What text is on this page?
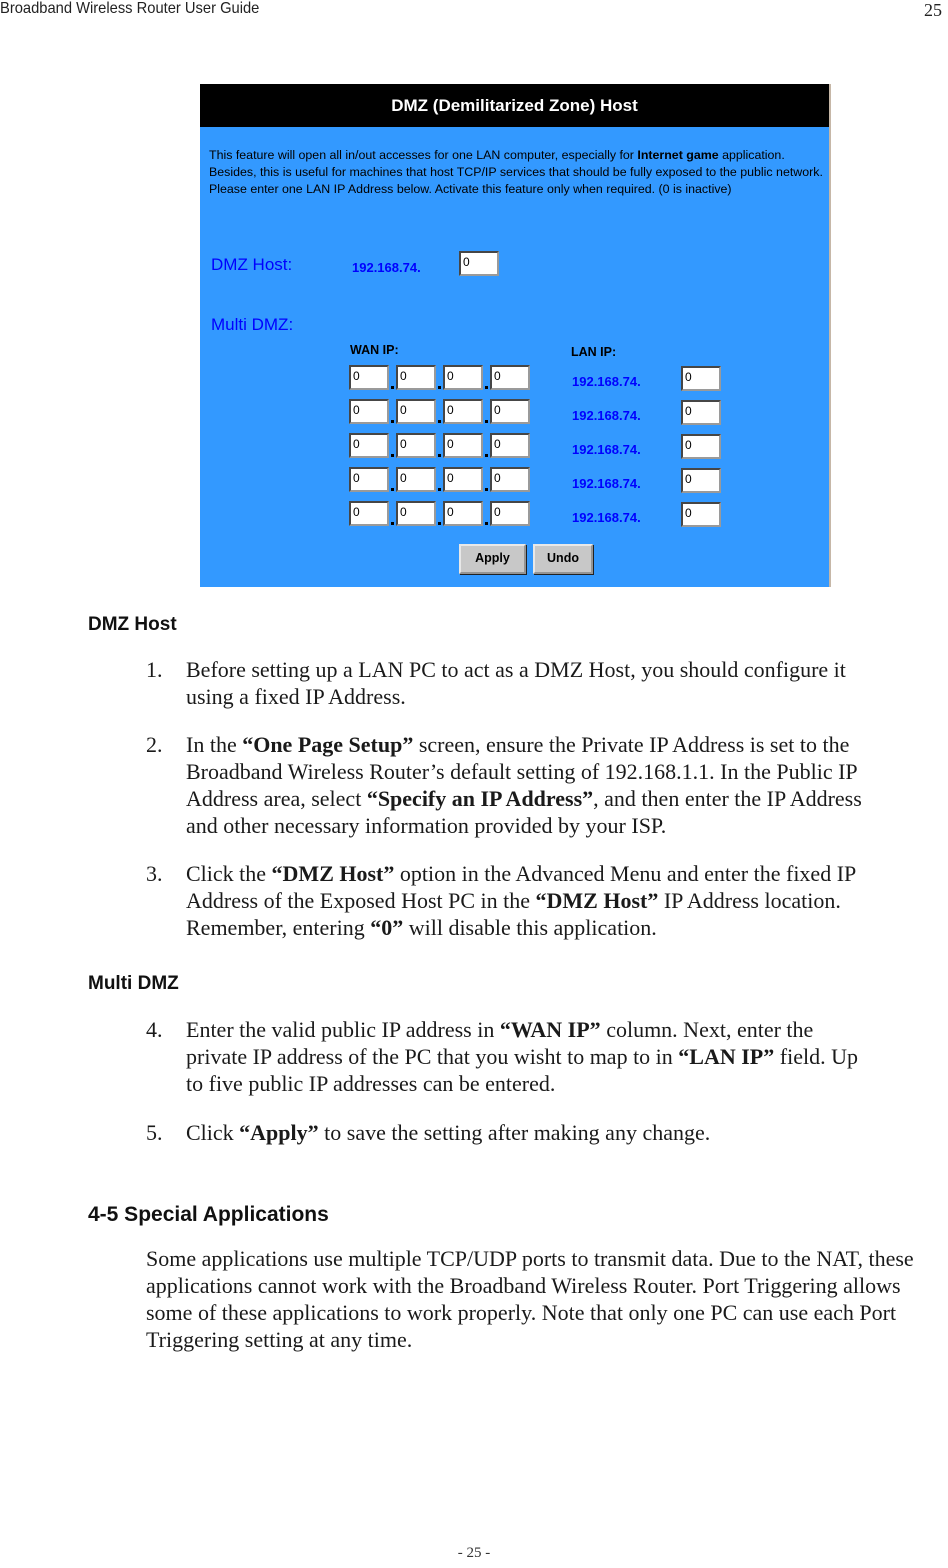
Broadband Wireless Router User Guide	25
DMZ (Demilitarized Zone) Host
This feature will open all in/out accesses for one LAN computer, especially for Internet game application. Besides, this is useful for machines that host TCP/IP services that should be fully exposed to the public network. Please enter one LAN IP Address below. Activate this feature only when required. (0 is inactive)
DMZ Host:	192.168.74.	0
Multi DMZ:
WAN IP:	LAN IP:
0	0	0	0	192.168.74.	0
0	0	0	0	192.168.74.	0
0	0	0	0	192.168.74.	0
0	0	0	0	192.168.74.	0
0	0	0	0	192.168.74.	0
Apply	Undo
DMZ Host
1. Before setting up a LAN PC to act as a DMZ Host, you should configure it
using a fixed IP Address.
2. In the “One Page Setup” screen, ensure the Private IP Address is set to the
Broadband Wireless Router’s default setting of 192.168.1.1. In the Public IP
Address area, select “Specify an IP Address”, and then enter the IP Address
and other necessary information provided by your ISP.
3. Click the “DMZ Host” option in the Advanced Menu and enter the fixed IP
Address of the Exposed Host PC in the “DMZ Host” IP Address location.
Remember, entering “0” will disable this application.
Multi DMZ
4. Enter the valid public IP address in “WAN IP” column. Next, enter the
private IP address of the PC that you wisht to map to in “LAN IP” field. Up
to five public IP addresses can be entered.
5. Click “Apply” to save the setting after making any change.
4-5 Special Applications
Some applications use multiple TCP/UDP ports to transmit data. Due to the NAT, these applications cannot work with the Broadband Wireless Router. Port Triggering allows some of these applications to work properly. Note that only one PC can use each Port Triggering setting at any time.
- 25 -
